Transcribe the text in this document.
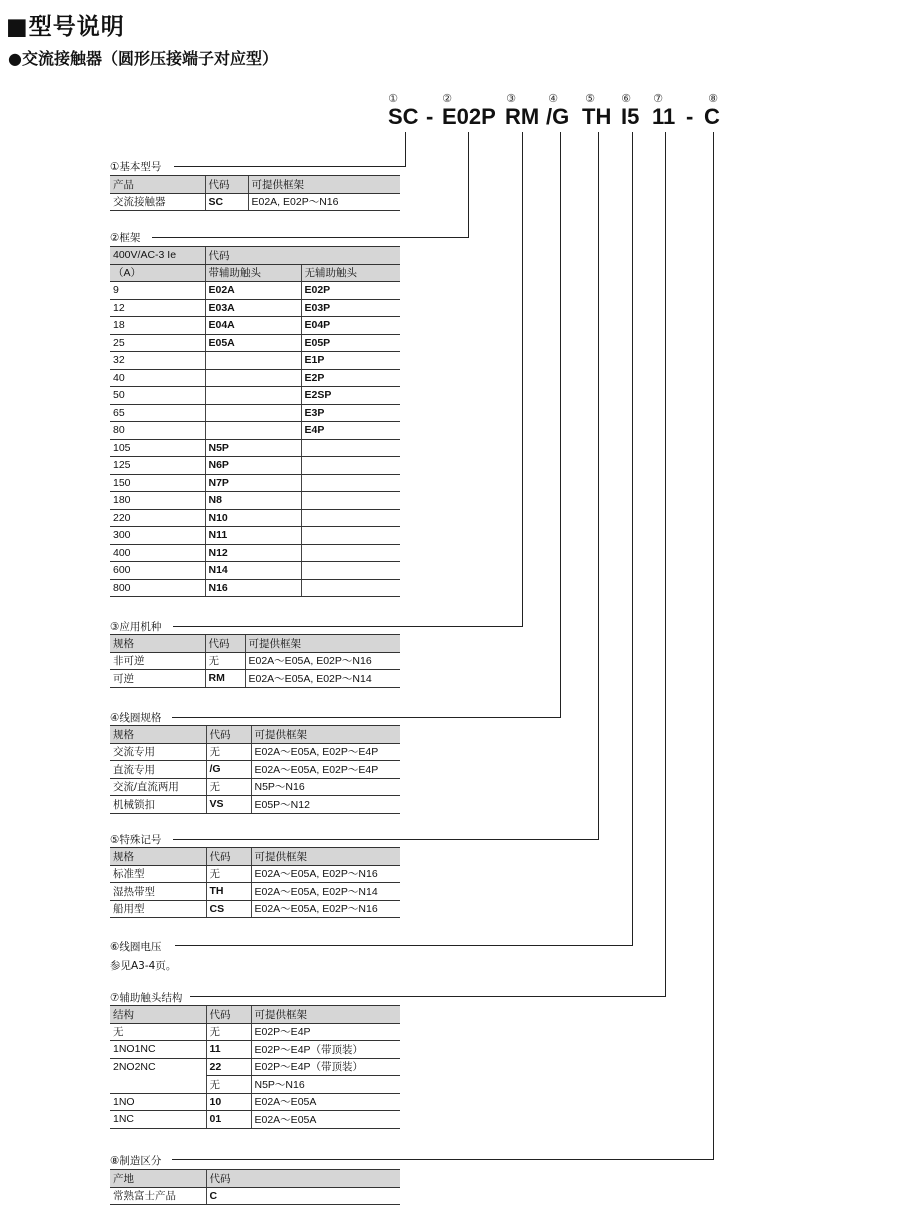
■型号说明
●交流接触器（圆形压接端子对应型）
①	②	③	④	⑤	⑥	⑦	⑧
SC - E02P RM /G TH I5 11 - C
①基本型号
产品	代码	可提供框架
交流接触器	SC	E02A, E02P～N16
②框架
400V/AC-3 Ie	代码	
（A）	带辅助触头	无辅助触头
9	E02A	E02P
12	E03A	E03P
18	E04A	E04P
25	E05A	E05P
32		E1P
40		E2P
50		E2SP
65		E3P
80		E4P
105	N5P	
125	N6P	
150	N7P	
180	N8	
220	N10	
300	N11	
400	N12	
600	N14	
800	N16	
③应用机种
规格	代码	可提供框架
非可逆	无	E02A～E05A, E02P～N16
可逆	RM	E02A～E05A, E02P～N14
④线圈规格
规格	代码	可提供框架
交流专用	无	E02A～E05A, E02P～E4P
直流专用	/G	E02A～E05A, E02P～E4P
交流/直流两用	无	N5P～N16
机械锁扣	VS	E05P～N12
⑤特殊记号
规格	代码	可提供框架
标准型	无	E02A～E05A, E02P～N16
湿热带型	TH	E02A～E05A, E02P～N14
船用型	CS	E02A～E05A, E02P～N16
⑥线圈电压
参见A3-4页。
⑦辅助触头结构
结构	代码	可提供框架
无	无	E02P～E4P
1NO1NC	11	E02P～E4P（带顶装）
2NO2NC	22	E02P～E4P（带顶装）
	无	N5P～N16
1NO	10	E02A～E05A
1NC	01	E02A～E05A
⑧制造区分
产地	代码
常熟富士产品	C
